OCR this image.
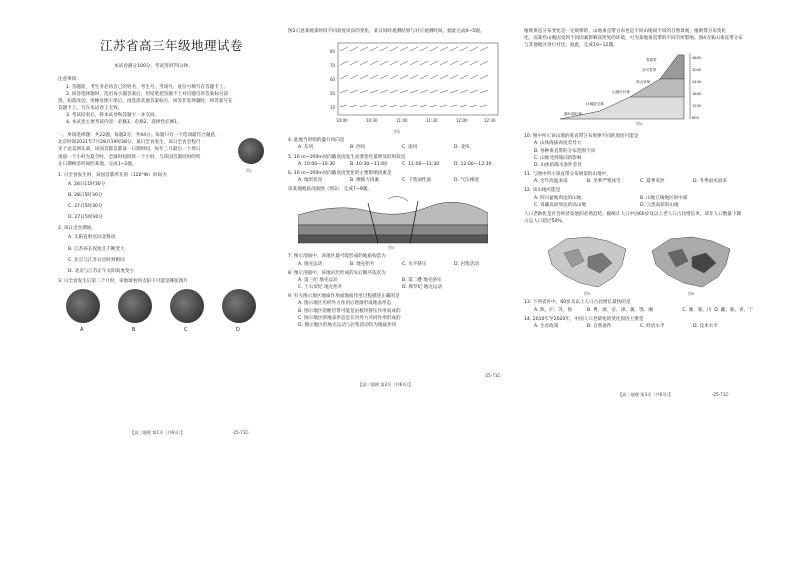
江苏省高三年级地理试卷

本试卷满分100分，考试用时75分钟。

注意事项：

1. 答题前，考生务必将自己的姓名、考生号、考场号、座位号填写在答题卡上。

2. 回答选择题时，选出每小题答案后，用铅笔把答题卡上对应题目的答案标号涂

黑。如需改动，用橡皮擦干净后，再选涂其他答案标号。回答非选择题时，将答案写在

答题卡上。写在本试卷上无效。

3. 考试结束后，将本试卷和答题卡一并交回。

4. 本试卷主要考试内容：必修1、必修2、选择性必修1。

一、单项选择题：共22题，每题2分，共44分。每题只有一个选项最符合题意。

北京时间2021年7月28日19时38分，某日全食发生，该日全食全程可

见于北美洲东部，该国首都首都某一日期时间，每年三月最后一个周日

凌晨一个小时为夏令时，全球时间同样一个小时，与该国首都同时的所

在日期相差时间约某地，完成1~2题。

图1

1. 日全食发生时，该国首都所在的（120°W）时间为

A. 28日11时30分

B. 28日5时30分

C. 27日5时30分

D. 27日5时30分

2. 该日全食期间，

A. 太阳直射点向北移动

B. 江苏昼长夜短且不断变大

C. 北京与江苏日出时刻相同

D. 北京与江苏正午太阳高度变小

3. 日全食发生后第二个月时，该地球看到太阳下可能是哪张图片

A	B	C	D
【高三地理 第1页（共6页）】	·25-71C·

图2示意某地某时段不同高度风向的变化，某日同时观测结果与对应观测时间。据此完成4~5题。

80
70
60
50
10
10:00	10:30	11:00	11:30	12:00	12:30
图2

4. 此地当时吹的盛行风向是

A. 东风	B. 西风	C. 南风	D. 北风

5. 10 m~100m风向随高度发生显著变化最明显的时段是

A. 10:00—10:30	B. 10:30—11:00	C. 11:00—11:30	D. 12:00—12:30

6. 10 m~100m风向随高度变化的主要影响因素是

A. 地形状况	B. 摩擦力因素	C. 下垫面性质	D. 气压梯度

读某地地质剖面图（图3），完成7~9题。

图3

7. 图示剖面中，该地区最可能形成的地质构造为

A. 地壳运动	B. 地壳抬升	C. 水平挤压	D. 岩浆活动

8. 图示剖面中，该地岩层形成的先后顺序依次为

A. 第三纪 地壳运动	B. 第二叠 地壳挤压
C. 上石炭纪 地壳抬升	D. 侏罗纪 地壳运动

9. 有关图示地区地质作用或地质作用过程描述正确的是

A. 图示地区历经外力作用后逐渐形成地表形态

B. 图示地区的断层带可能是由板块挤压作用而成的

C. 图示地区的地表形态是在内外力共同作用形成的

D. 图示地区的地壳运动与岩浆活动均为地质作用

【高三地理 第2页（共6页）】
·25-71C·

植被垂直分布变化是一定规律的，山地垂直带分布也是不同山地间不同的自然景观，植被带分布变化

化。而某些山地因受到不同因素影响其所处的环境，可为某地垂直带的不同有所影响。图4为某山垂直带分布

与其他地区进行对比。据此，完成10~12题。

3600
3000
2400
1800
1200
600
苔原带
冰川雪带
高山草甸
山地针叶林
针阔混交林
落叶阔叶林
图4

10. 图中所示该山地的垂直带分布规律不同的原因可能是

A. 山体海拔高度差异大

B. 各种垂直带的分布范围不同

C. 山地受到坡向的影响

D. 山体的降水条件差异

11. 与图中所示垂直带分布相似的山地中，

A. 全年高温多雨	B. 冬季严寒冰雪	C. 夏季炎热	D. 冬季雨水较多

12. 该山地可能是

A. 四川盆地周边的山地	B. 山地丘陵地区的中部
C. 青藏高原周边的高山地	D. 云贵高原的山地

人口老龄化是社会经济发展的必然趋势。据统计人口中国60岁及以上老人口占比增长率，该年人口数量下降

占总人口超过50%。

图5	图6

13. 下列省区中，60岁及以上人口占比增长最快的是

A. 陕、沪、苏、鲁	B. 粤、浙、京、津、冀、鄂、湘	C. 豫、蒙、川 D. 藏、新、青、宁

14. 2010年至2020年，中国人口老龄化的变化原因主要是

A. 生育政策	B. 自然条件	C. 经济水平	D. 技术水平
【高三地理 第3页（共6页）】	·25-71C·
